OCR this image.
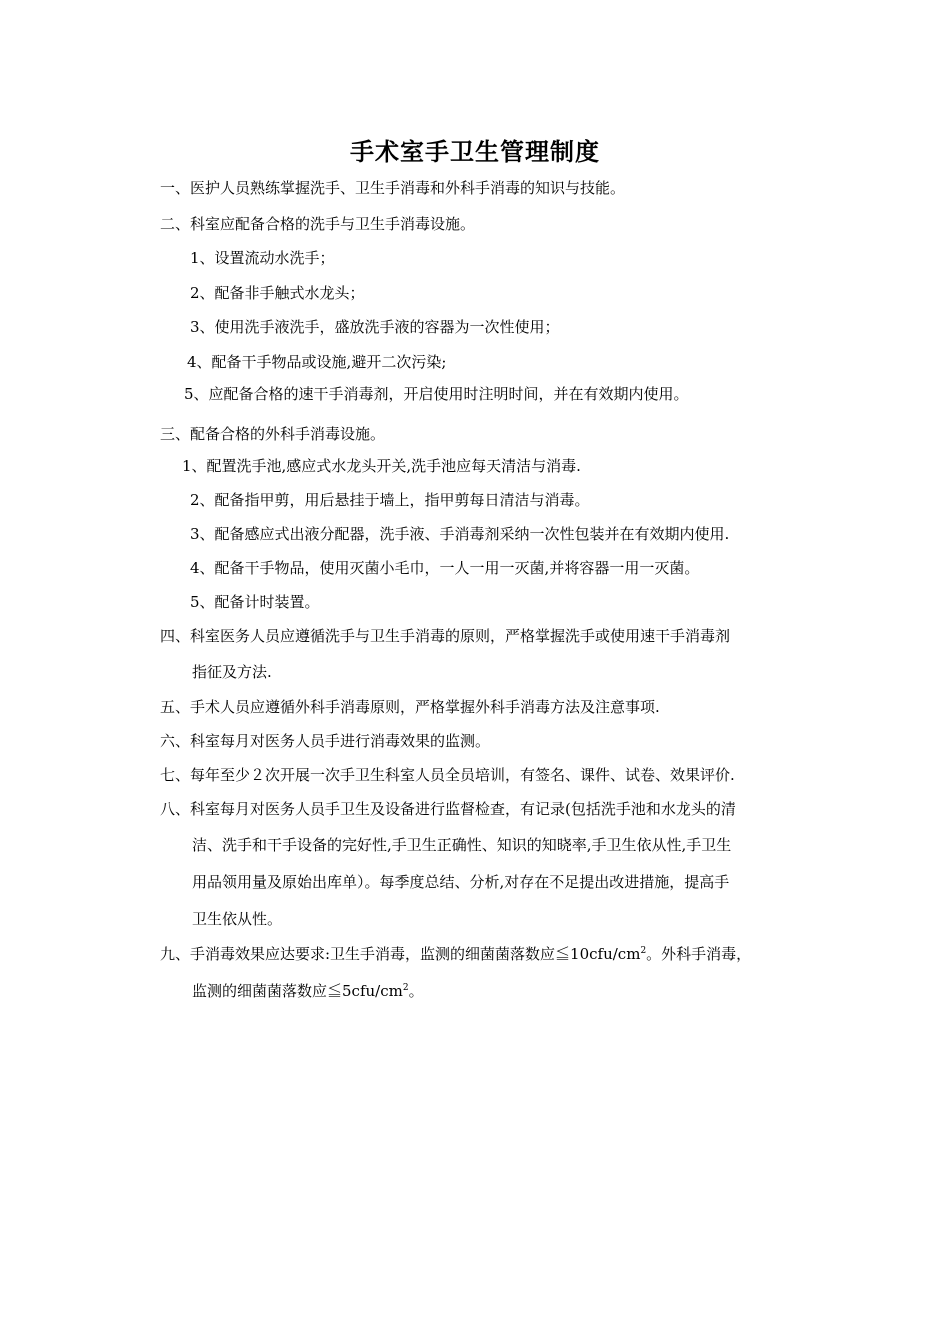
手术室手卫生管理制度

一、医护人员熟练掌握洗手、卫生手消毒和外科手消毒的知识与技能。

二、科室应配备合格的洗手与卫生手消毒设施。

1、设置流动水洗手；

2、配备非手触式水龙头；

3、使用洗手液洗手，盛放洗手液的容器为一次性使用；

4、配备干手物品或设施,避开二次污染;

5、应配备合格的速干手消毒剂，开启使用时注明时间，并在有效期内使用。

三、配备合格的外科手消毒设施。

1、配置洗手池,感应式水龙头开关,洗手池应每天清洁与消毒.

2、配备指甲剪，用后悬挂于墙上，指甲剪每日清洁与消毒。

3、配备感应式出液分配器，洗手液、手消毒剂采纳一次性包装并在有效期内使用.

4、配备干手物品，使用灭菌小毛巾，一人一用一灭菌,并将容器一用一灭菌。

5、配备计时装置。

四、科室医务人员应遵循洗手与卫生手消毒的原则，严格掌握洗手或使用速干手消毒剂

指征及方法.

五、手术人员应遵循外科手消毒原则，严格掌握外科手消毒方法及注意事项.

六、科室每月对医务人员手进行消毒效果的监测。

七、每年至少２次开展一次手卫生科室人员全员培训，有签名、课件、试卷、效果评价.

八、科室每月对医务人员手卫生及设备进行监督检查，有记录(包括洗手池和水龙头的清

洁、洗手和干手设备的完好性,手卫生正确性、知识的知晓率,手卫生依从性,手卫生

用品领用量及原始出库单）。每季度总结、分析,对存在不足提出改进措施，提高手

卫生依从性。

九、手消毒效果应达要求:卫生手消毒，监测的细菌菌落数应$≦10cfu/cm^2$。外科手消毒，

监测的细菌菌落数应$≦5cfu/cm^2$。
